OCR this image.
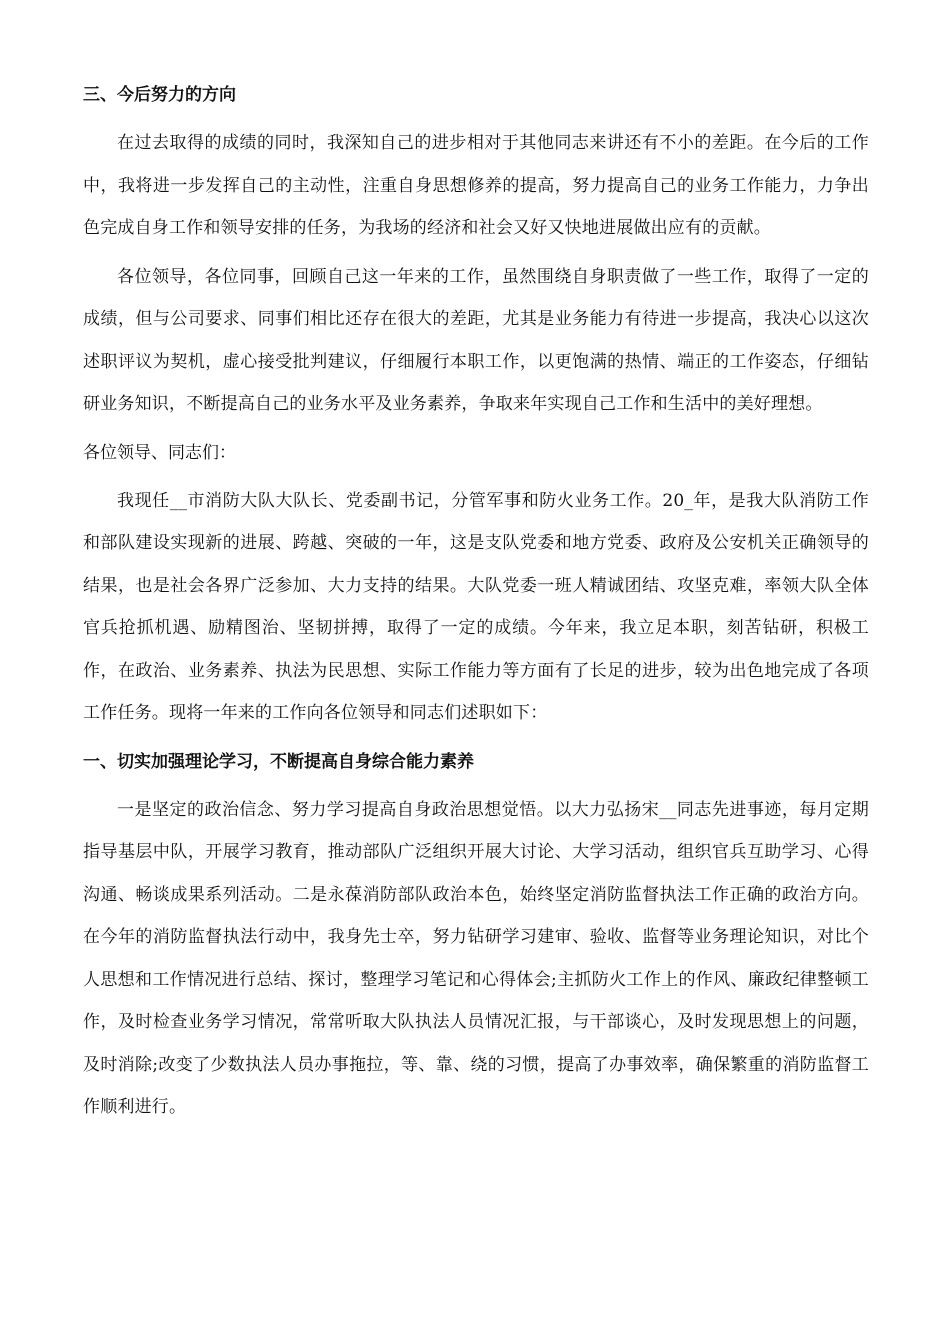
三、今后努力的方向

在过去取得的成绩的同时，我深知自己的进步相对于其他同志来讲还有不小的差距。在今后的工作中，我将进一步发挥自己的主动性，注重自身思想修养的提高，努力提高自己的业务工作能力，力争出色完成自身工作和领导安排的任务，为我场的经济和社会又好又快地进展做出应有的贡献。

各位领导，各位同事，回顾自己这一年来的工作，虽然围绕自身职责做了一些工作，取得了一定的成绩，但与公司要求、同事们相比还存在很大的差距，尤其是业务能力有待进一步提高，我决心以这次述职评议为契机，虚心接受批判建议，仔细履行本职工作，以更饱满的热情、端正的工作姿态，仔细钻研业务知识，不断提高自己的业务水平及业务素养，争取来年实现自己工作和生活中的美好理想。

各位领导、同志们：

我现任__市消防大队大队长、党委副书记，分管军事和防火业务工作。20_年，是我大队消防工作和部队建设实现新的进展、跨越、突破的一年，这是支队党委和地方党委、政府及公安机关正确领导的结果，也是社会各界广泛参加、大力支持的结果。大队党委一班人精诚团结、攻坚克难，率领大队全体官兵抢抓机遇、励精图治、坚韧拼搏，取得了一定的成绩。今年来，我立足本职，刻苦钻研，积极工作，在政治、业务素养、执法为民思想、实际工作能力等方面有了长足的进步，较为出色地完成了各项工作任务。现将一年来的工作向各位领导和同志们述职如下：

一、切实加强理论学习，不断提高自身综合能力素养

一是坚定的政治信念、努力学习提高自身政治思想觉悟。以大力弘扬宋__同志先进事迹，每月定期指导基层中队，开展学习教育，推动部队广泛组织开展大讨论、大学习活动，组织官兵互助学习、心得沟通、畅谈成果系列活动。二是永葆消防部队政治本色，始终坚定消防监督执法工作正确的政治方向。在今年的消防监督执法行动中，我身先士卒，努力钻研学习建审、验收、监督等业务理论知识，对比个人思想和工作情况进行总结、探讨，整理学习笔记和心得体会;主抓防火工作上的作风、廉政纪律整顿工作，及时检查业务学习情况，常常听取大队执法人员情况汇报，与干部谈心，及时发现思想上的问题，及时消除;改变了少数执法人员办事拖拉，等、靠、绕的习惯，提高了办事效率，确保繁重的消防监督工作顺利进行。
